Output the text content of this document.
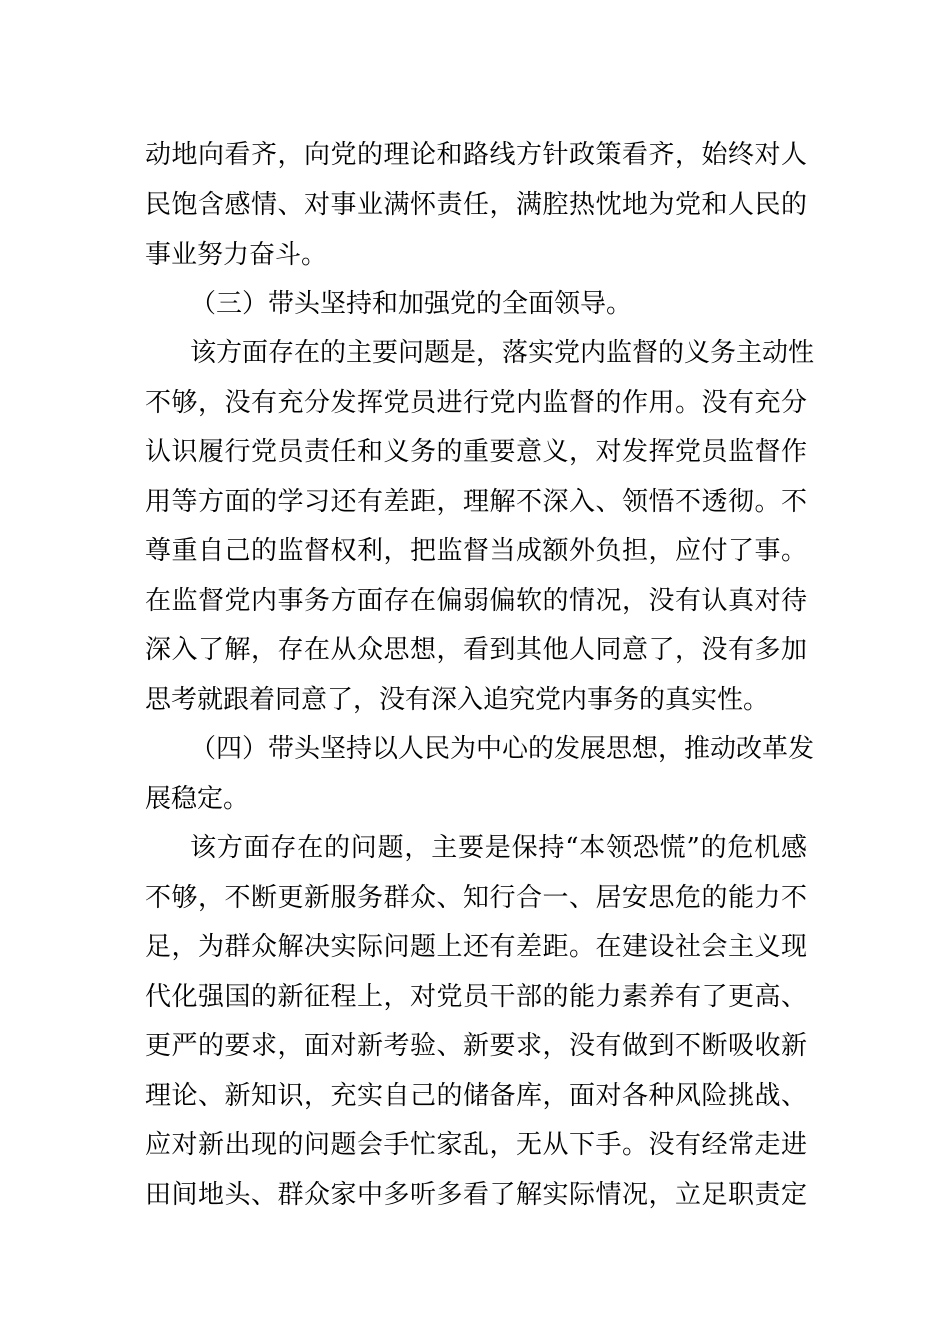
动地向看齐，向党的理论和路线方针政策看齐，始终对人
民饱含感情、对事业满怀责任，满腔热忱地为党和人民的
事业努力奋斗。
（三）带头坚持和加强党的全面领导。
该方面存在的主要问题是，落实党内监督的义务主动性
不够，没有充分发挥党员进行党内监督的作用。没有充分
认识履行党员责任和义务的重要意义，对发挥党员监督作
用等方面的学习还有差距，理解不深入、领悟不透彻。不
尊重自己的监督权利，把监督当成额外负担，应付了事。
在监督党内事务方面存在偏弱偏软的情况，没有认真对待
深入了解，存在从众思想，看到其他人同意了，没有多加
思考就跟着同意了，没有深入追究党内事务的真实性。
（四）带头坚持以人民为中心的发展思想，推动改革发
展稳定。
该方面存在的问题，主要是保持“本领恐慌”的危机感
不够，不断更新服务群众、知行合一、居安思危的能力不
足，为群众解决实际问题上还有差距。在建设社会主义现
代化强国的新征程上，对党员干部的能力素养有了更高、
更严的要求，面对新考验、新要求，没有做到不断吸收新
理论、新知识，充实自己的储备库，面对各种风险挑战、
应对新出现的问题会手忙家乱，无从下手。没有经常走进
田间地头、群众家中多听多看了解实际情况，立足职责定
